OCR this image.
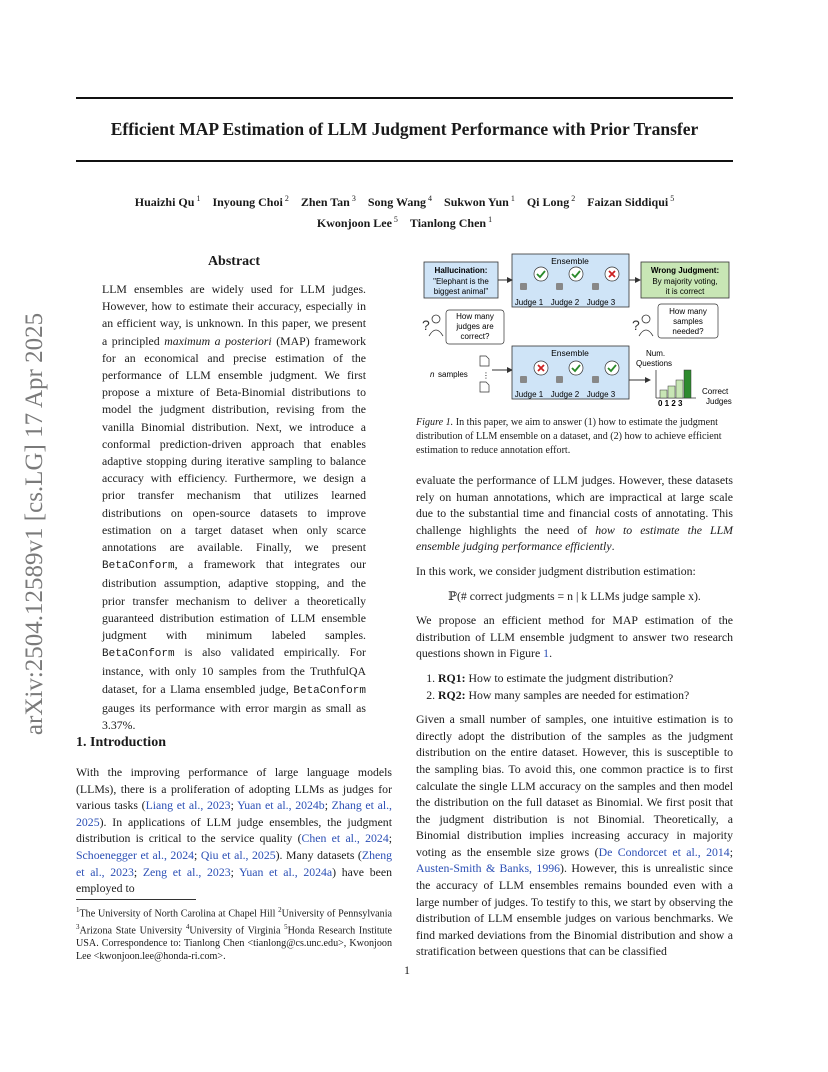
arXiv:2504.12589v1 [cs.LG] 17 Apr 2025
Efficient MAP Estimation of LLM Judgment Performance with Prior Transfer
Huaizhi Qu $^1$  Inyoung Choi $^2$  Zhen Tan $^3$  Song Wang $^4$  Sukwon Yun $^1$  Qi Long $^2$  Faizan Siddiqui $^5$
Kwonjoon Lee $^5$  Tianlong Chen $^1$
Abstract
LLM ensembles are widely used for LLM judges. However, how to estimate their accuracy, especially in an efficient way, is unknown. In this paper, we present a principled maximum a posteriori (MAP) framework for an economical and precise estimation of the performance of LLM ensemble judgment. We first propose a mixture of Beta-Binomial distributions to model the judgment distribution, revising from the vanilla Binomial distribution. Next, we introduce a conformal prediction-driven approach that enables adaptive stopping during iterative sampling to balance accuracy with efficiency. Furthermore, we design a prior transfer mechanism that utilizes learned distributions on open-source datasets to improve estimation on a target dataset when only scarce annotations are available. Finally, we present BetaConform, a framework that integrates our distribution assumption, adaptive stopping, and the prior transfer mechanism to deliver a theoretically guaranteed distribution estimation of LLM ensemble judgment with minimum labeled samples. BetaConform is also validated empirically. For instance, with only 10 samples from the TruthfulQA dataset, for a Llama ensembled judge, BetaConform gauges its performance with error margin as small as 3.37%.
1. Introduction
With the improving performance of large language models (LLMs), there is a proliferation of adopting LLMs as judges for various tasks (Liang et al., 2023; Yuan et al., 2024b; Zhang et al., 2025). In applications of LLM judge ensembles, the judgment distribution is critical to the service quality (Chen et al., 2024; Schoenegger et al., 2024; Qiu et al., 2025). Many datasets (Zheng et al., 2023; Zeng et al., 2023; Yuan et al., 2024a) have been employed to
$^1$The University of North Carolina at Chapel Hill $^2$University of Pennsylvania $^3$Arizona State University $^4$University of Virginia $^5$Honda Research Institute USA. Correspondence to: Tianlong Chen <tianlong@cs.unc.edu>, Kwonjoon Lee <kwonjoon.lee@honda-ri.com>.
Ensemble
Hallucination:
"Elephant is the
biggest animal"
Judge 1 Judge 2 Judge 3
Wrong Judgment:
By majority voting,
it is correct
?
How many
judges are
correct?
?
How many
samples
needed?
⋮
n samples
Ensemble
Judge 1 Judge 2 Judge 3
Num.
Questions
0 1 2 3
Correct
Judges
Figure 1. In this paper, we aim to answer (1) how to estimate the judgment distribution of LLM ensemble on a dataset, and (2) how to achieve efficient estimation to reduce annotation effort.

evaluate the performance of LLM judges. However, these datasets rely on human annotations, which are impractical at large scale due to the substantial time and financial costs of annotating. This challenge highlights the need of how to estimate the LLM ensemble judging performance efficiently.

In this work, we consider judgment distribution estimation:

ℙ(# correct judgments = n | k LLMs judge sample x).

We propose an efficient method for MAP estimation of the distribution of LLM ensemble judgment to answer two research questions shown in Figure 1.

1. RQ1: How to estimate the judgment distribution?
2. RQ2: How many samples are needed for estimation?

Given a small number of samples, one intuitive estimation is to directly adopt the distribution of the samples as the judgment distribution on the entire dataset. However, this is susceptible to the sampling bias. To avoid this, one common practice is to first calculate the single LLM accuracy on the samples and then model the distribution on the full dataset as Binomial. We first posit that the judgment distribution is not Binomial. Theoretically, a Binomial distribution implies increasing accuracy in majority voting as the ensemble size grows (De Condorcet et al., 2014; Austen-Smith & Banks, 1996). However, this is unrealistic since the accuracy of LLM ensembles remains bounded even with a large number of judges. To testify to this, we start by observing the distribution of LLM ensemble judges on various benchmarks. We find marked deviations from the Binomial distribution and show a stratification between questions that can be classified

1
